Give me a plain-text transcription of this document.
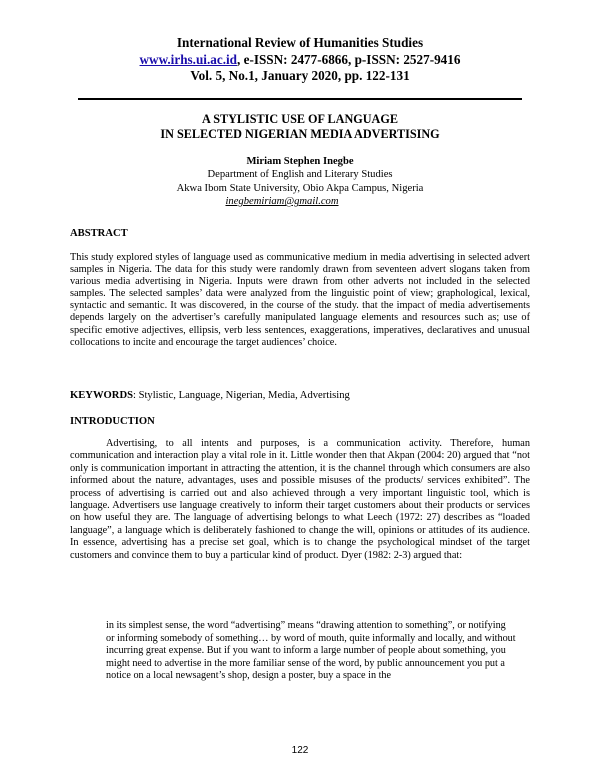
International Review of Humanities Studies
www.irhs.ui.ac.id, e-ISSN: 2477-6866, p-ISSN: 2527-9416
Vol. 5, No.1, January 2020, pp. 122-131
A STYLISTIC USE OF LANGUAGE
IN SELECTED NIGERIAN MEDIA ADVERTISING
Miriam Stephen Inegbe
Department of English and Literary Studies
Akwa Ibom State University, Obio Akpa Campus, Nigeria
inegbemiriam@gmail.com
ABSTRACT
This study explored styles of language used as communicative medium in media advertising in selected advert samples in Nigeria. The data for this study were randomly drawn from seventeen advert slogans taken from various media advertising in Nigeria. Inputs were drawn from other adverts not included in the selected samples. The selected samples’ data were analyzed from the linguistic point of view; graphological, lexical, syntactic and semantic. It was discovered, in the course of the study. that the impact of media advertisements depends largely on the advertiser’s carefully manipulated language elements and resources such as; use of specific emotive adjectives, ellipsis, verb less sentences, exaggerations, imperatives, declaratives and unusual collocations to incite and encourage the target audiences’ choice.
KEYWORDS: Stylistic, Language, Nigerian, Media, Advertising
INTRODUCTION
Advertising, to all intents and purposes, is a communication activity. Therefore, human communication and interaction play a vital role in it. Little wonder then that Akpan (2004: 20) argued that “not only is communication important in attracting the attention, it is the channel through which consumers are also informed about the nature, advantages, uses and possible misuses of the products/ services exhibited”. The process of advertising is carried out and also achieved through a very important linguistic tool, which is language. Advertisers use language creatively to inform their target customers about their products or services on how useful they are. The language of advertising belongs to what Leech (1972: 27) describes as “loaded language”, a language which is deliberately fashioned to change the will, opinions or attitudes of its audience. In essence, advertising has a precise set goal, which is to change the psychological mindset of the target customers and convince them to buy a particular kind of product. Dyer (1982: 2-3) argued that:
in its simplest sense, the word “advertising” means “drawing attention to something”, or notifying or informing somebody of something… by word of mouth, quite informally and locally, and without incurring great expense. But if you want to inform a large number of people about something, you might need to advertise in the more familiar sense of the word, by public announcement you put a notice on a local newsagent’s shop, design a poster, buy a space in the
122
